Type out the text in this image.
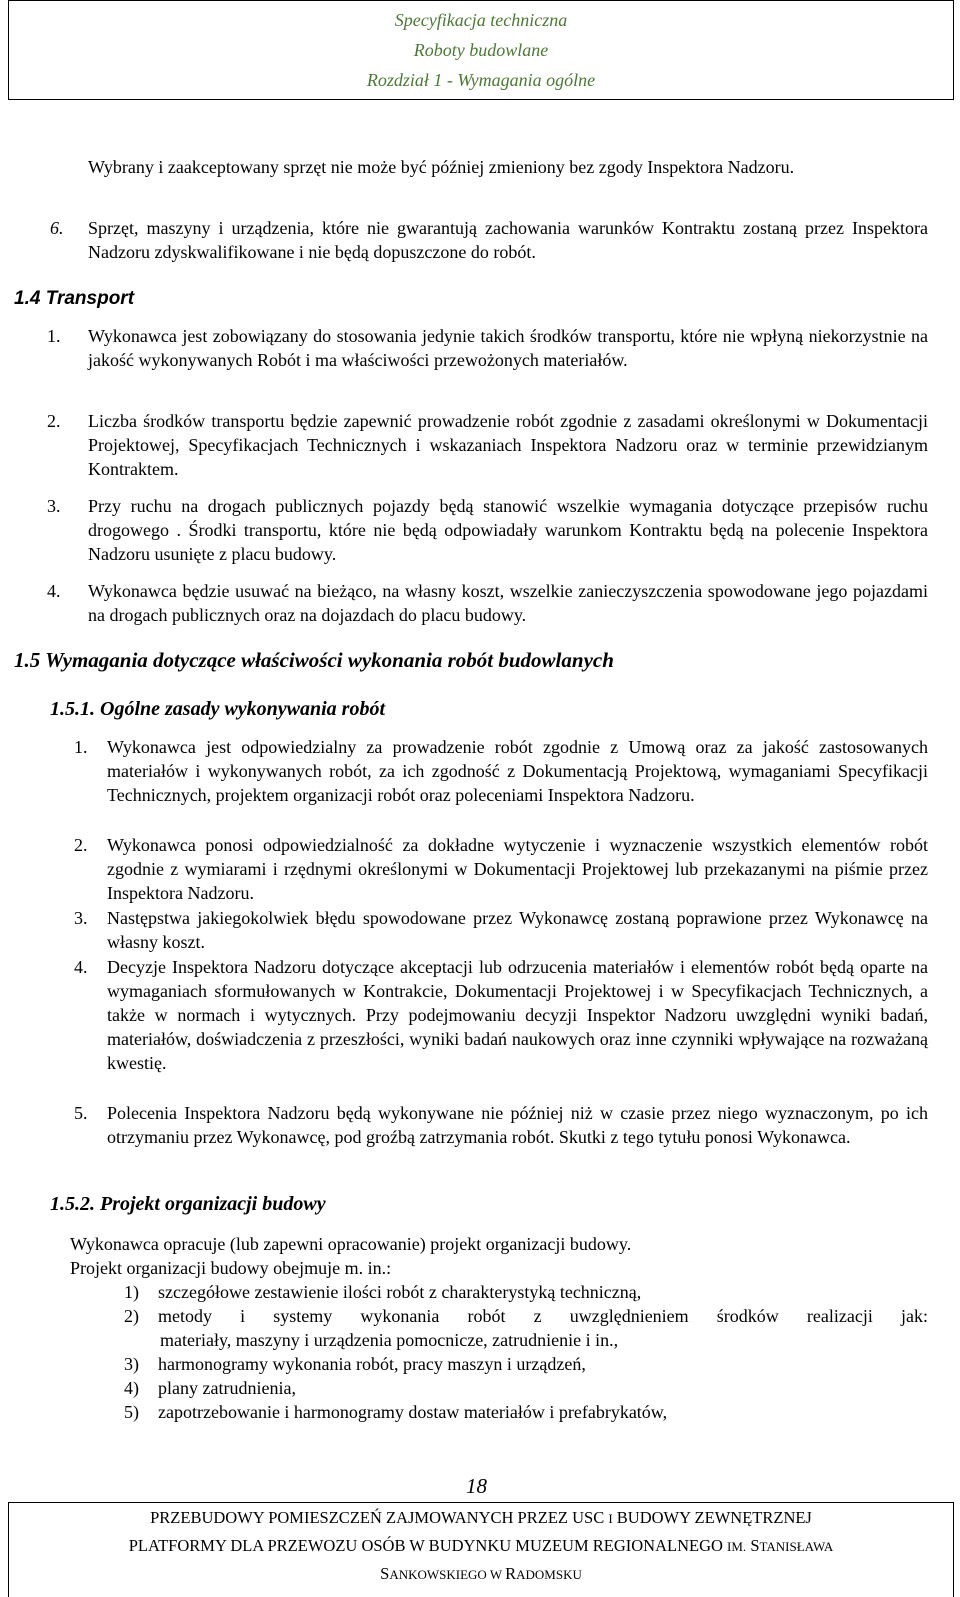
Specyfikacja techniczna
Roboty budowlane
Rozdział 1 - Wymagania ogólne
Wybrany i zaakceptowany sprzęt nie może być później zmieniony bez zgody Inspektora Nadzoru.
6. Sprzęt, maszyny i urządzenia, które nie gwarantują zachowania warunków Kontraktu zostaną przez Inspektora Nadzoru zdyskwalifikowane i nie będą dopuszczone do robót.
1.4 Transport
1. Wykonawca jest zobowiązany do stosowania jedynie takich środków transportu, które nie wpłyną niekorzystnie na jakość wykonywanych Robót i ma właściwości przewożonych materiałów.
2. Liczba środków transportu będzie zapewnić prowadzenie robót zgodnie z zasadami określonymi w Dokumentacji Projektowej, Specyfikacjach Technicznych i wskazaniach Inspektora Nadzoru oraz w terminie przewidzianym Kontraktem.
3. Przy ruchu na drogach publicznych pojazdy będą stanowić wszelkie wymagania dotyczące przepisów ruchu drogowego . Środki transportu, które nie będą odpowiadały warunkom Kontraktu będą na polecenie Inspektora Nadzoru usunięte z placu budowy.
4. Wykonawca będzie usuwać na bieżąco, na własny koszt, wszelkie zanieczyszczenia spowodowane jego pojazdami na drogach publicznych oraz na dojazdach do placu budowy.
1.5 Wymagania dotyczące właściwości wykonania robót budowlanych
1.5.1. Ogólne zasady wykonywania robót
1. Wykonawca jest odpowiedzialny za prowadzenie robót zgodnie z Umową oraz za jakość zastosowanych materiałów i wykonywanych robót, za ich zgodność z Dokumentacją Projektową, wymaganiami Specyfikacji Technicznych, projektem organizacji robót oraz poleceniami Inspektora Nadzoru.
2. Wykonawca ponosi odpowiedzialność za dokładne wytyczenie i wyznaczenie wszystkich elementów robót zgodnie z wymiarami i rzędnymi określonymi w Dokumentacji Projektowej lub przekazanymi na piśmie przez Inspektora Nadzoru.
3. Następstwa jakiegokolwiek błędu spowodowane przez Wykonawcę zostaną poprawione przez Wykonawcę na własny koszt.
4. Decyzje Inspektora Nadzoru dotyczące akceptacji lub odrzucenia materiałów i elementów robót będą oparte na wymaganiach sformułowanych w Kontrakcie, Dokumentacji Projektowej i w Specyfikacjach Technicznych, a także w normach i wytycznych. Przy podejmowaniu decyzji Inspektor Nadzoru uwzględni wyniki badań, materiałów, doświadczenia z przeszłości, wyniki badań naukowych oraz inne czynniki wpływające na rozważaną kwestię.
5. Polecenia Inspektora Nadzoru będą wykonywane nie później niż w czasie przez niego wyznaczonym, po ich otrzymaniu przez Wykonawcę, pod groźbą zatrzymania robót. Skutki z tego tytułu ponosi Wykonawca.
1.5.2. Projekt organizacji budowy
Wykonawca opracuje (lub zapewni opracowanie) projekt organizacji budowy.
Projekt organizacji budowy obejmuje m. in.:
1) szczegółowe zestawienie ilości robót z charakterystyką techniczną,
2) metody i systemy wykonania robót z uwzględnieniem środków realizacji jak:
materiały, maszyny i urządzenia pomocnicze, zatrudnienie i in.,
3) harmonogramy wykonania robót, pracy maszyn i urządzeń,
4) plany zatrudnienia,
5) zapotrzebowanie i harmonogramy dostaw materiałów i prefabrykatów,
18
PRZEBUDOWY POMIESZCZEŃ ZAJMOWANYCH PRZEZ USC I BUDOWY ZEWNĘTRZNEJ
PLATFORMY DLA PRZEWOZU OSÓB W BUDYNKU MUZEUM REGIONALNEGO IM. STANISŁAWA
SANKOWSKIEGO W RADOMSKU
